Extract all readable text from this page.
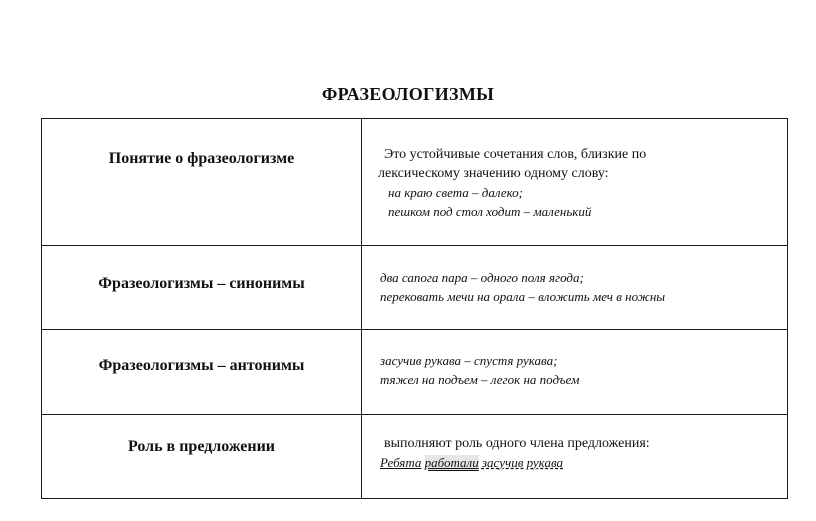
ФРАЗЕОЛОГИЗМЫ
Понятие о фразеологизме	Это устойчивые сочетания слов, близкие по
лексическому значению одному слову:
на краю света – далеко;
пешком под стол ходит – маленький

Фразеологизмы – синонимы	два сапога пара – одного поля ягода;
перековать мечи на орала – вложить меч в ножны

Фразеологизмы – антонимы	засучив рукава – спустя рукава;
тяжел на подъем – легок на подъем

Роль в предложении	выполняют роль одного члена предложения:
Ребята работали засучив рукава
